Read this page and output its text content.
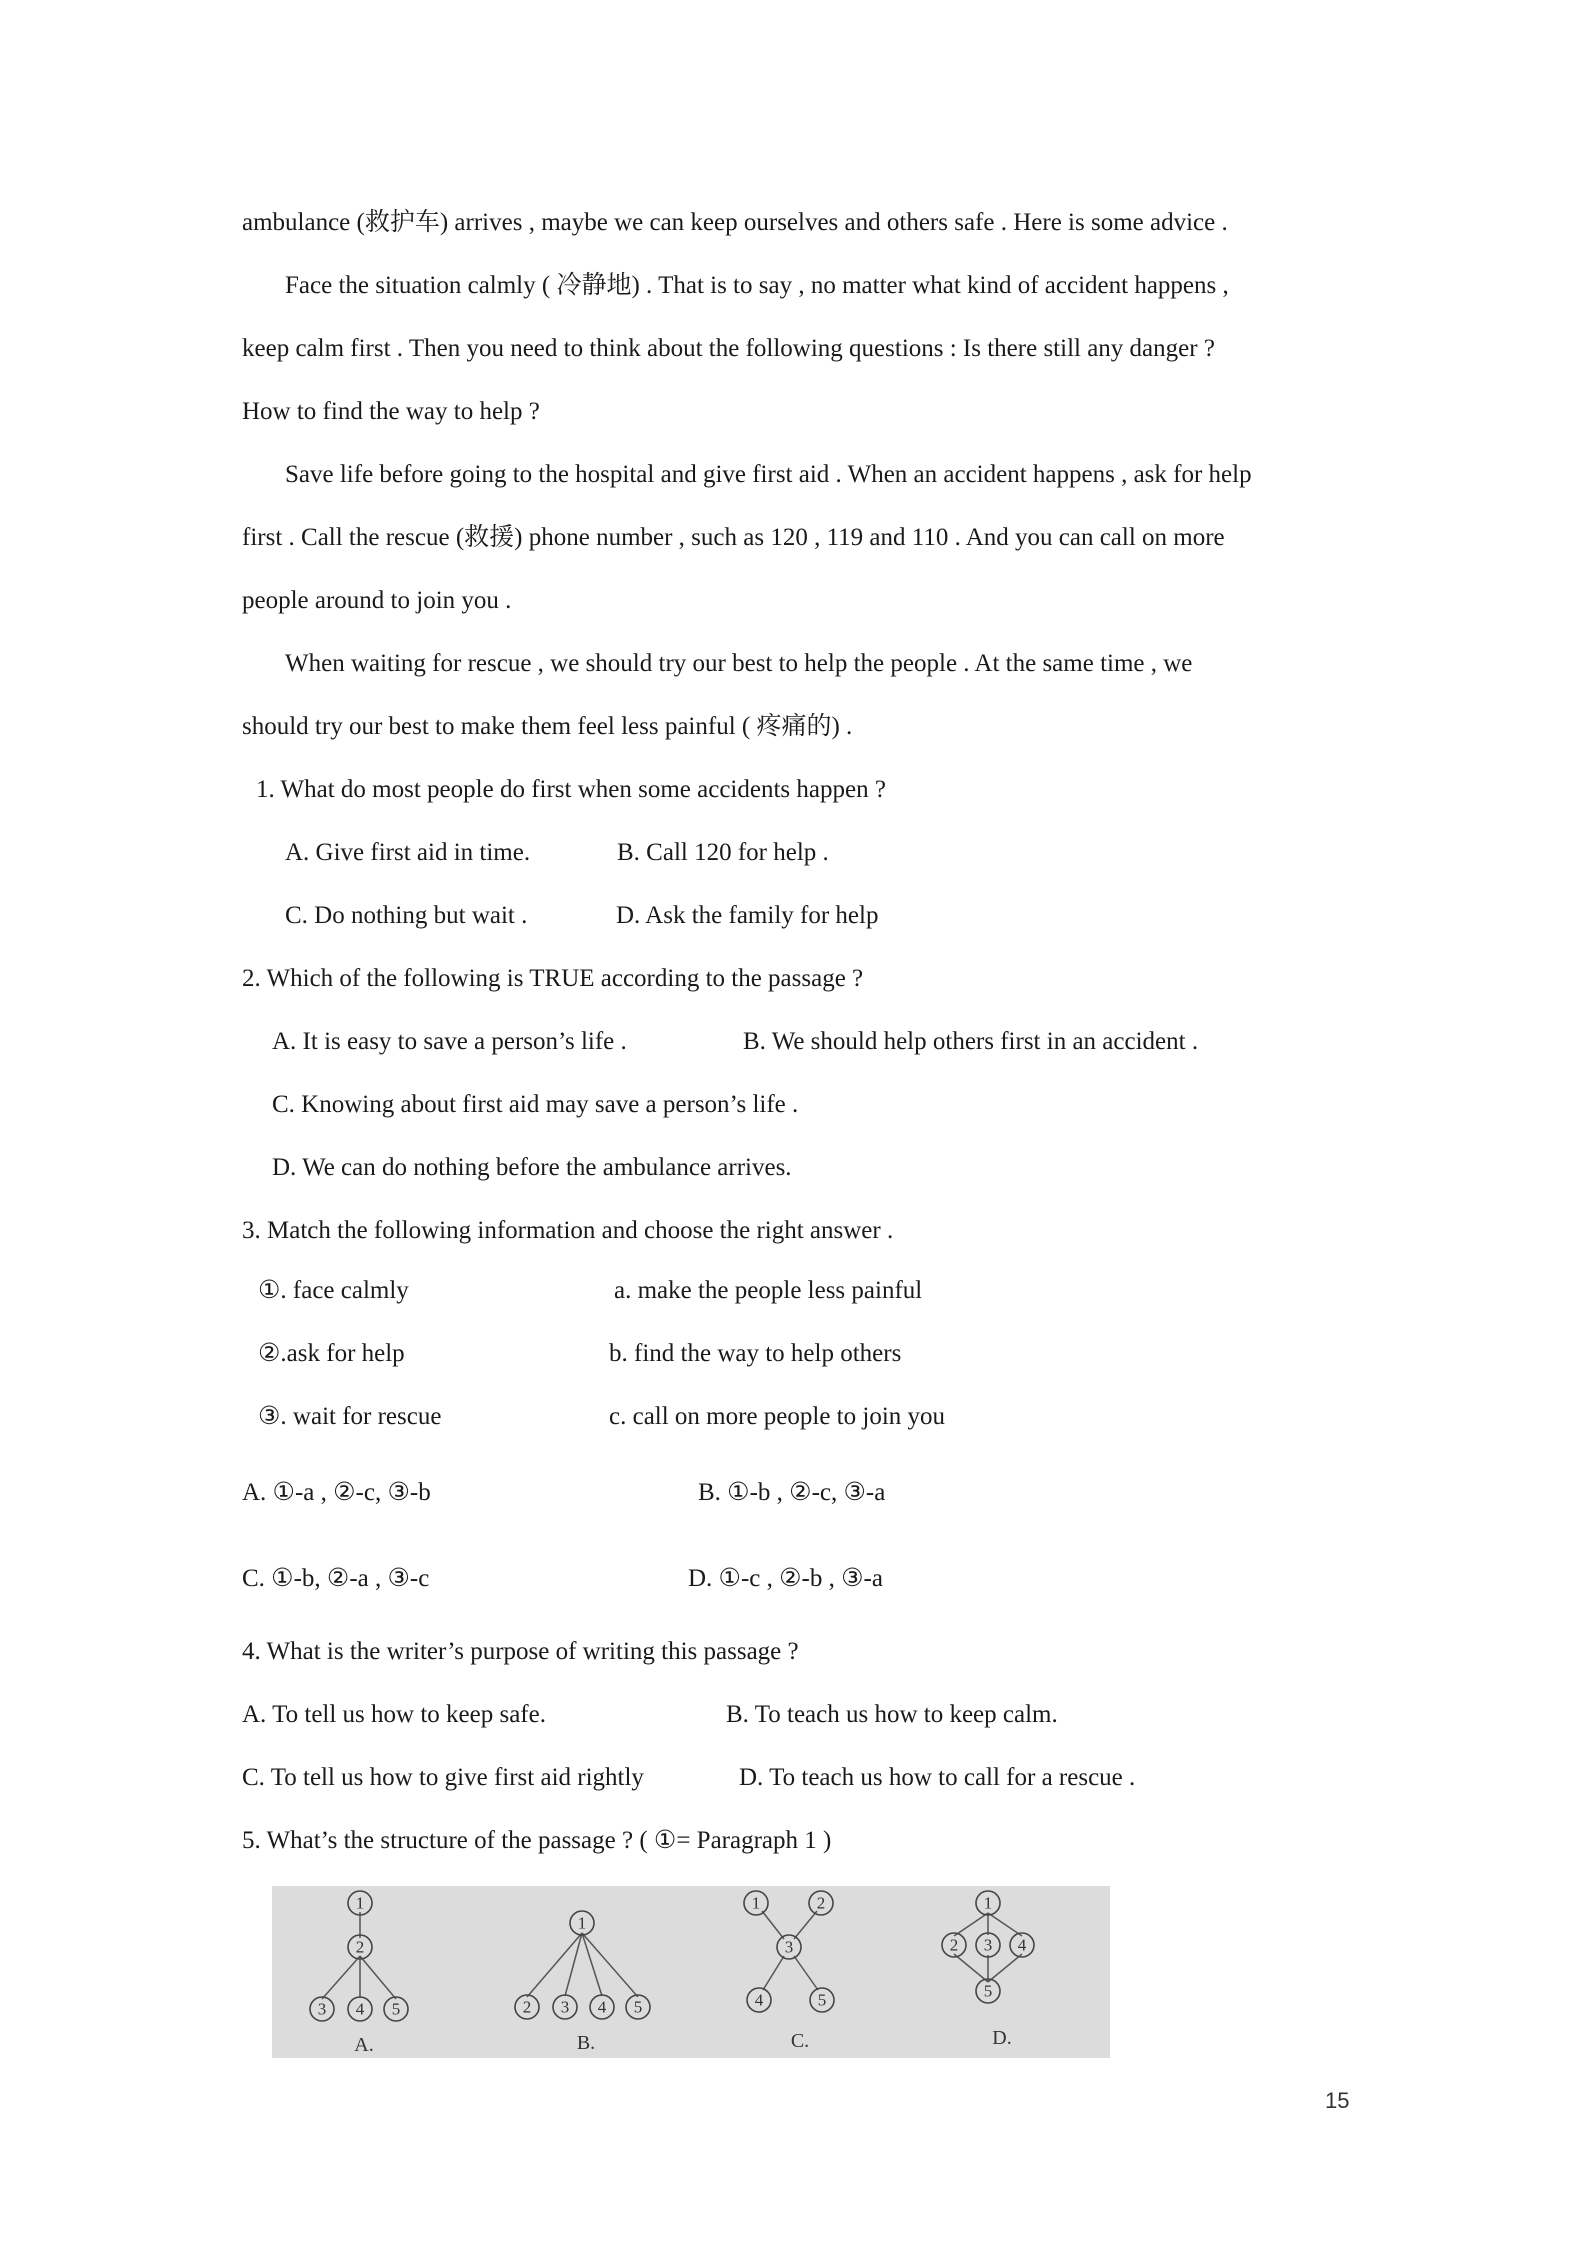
ambulance (救护车) arrives , maybe we can keep ourselves and others safe . Here is some advice .
Face the situation calmly ( 冷静地) . That is to say , no matter what kind of accident happens ,
keep calm first . Then you need to think about the following questions : Is there still any danger ?
How to find the way to help ?
Save life before going to the hospital and give first aid . When an accident happens , ask for help
first . Call the rescue (救援) phone number , such as 120 , 119 and 110 . And you can call on more
people around to join you .
When waiting for rescue , we should try our best to help the people . At the same time , we
should try our best to make them feel less painful ( 疼痛的) .
1. What do most people do first when some accidents happen ?
A. Give first aid in time.	B. Call 120 for help .
C. Do nothing but wait .	D. Ask the family for help
2. Which of the following is TRUE according to the passage ?
A. It is easy to save a person’s life .	B. We should help others first in an accident .
C. Knowing about first aid may save a person’s life .
D. We can do nothing before the ambulance arrives.
3. Match the following information and choose the right answer .
①. face calmly	a. make the people less painful
②.ask for help	b. find the way to help others
③. wait for rescue	c. call on more people to join you
A. ①-a , ②-c, ③-b	B. ①-b , ②-c, ③-a
C. ①-b, ②-a , ③-c	D. ①-c , ②-b , ③-a
4. What is the writer’s purpose of writing this passage ?
A. To tell us how to keep safe.	B. To teach us how to keep calm.
C. To tell us how to give first aid rightly	D. To teach us how to call for a rescue .
5. What’s the structure of the passage ? ( ①= Paragraph 1 )
1
2
3 4 5
A.
1
2 3 4 5
B.
1	2
3
4	5
C.
1
2 3 4
5
D.
15
